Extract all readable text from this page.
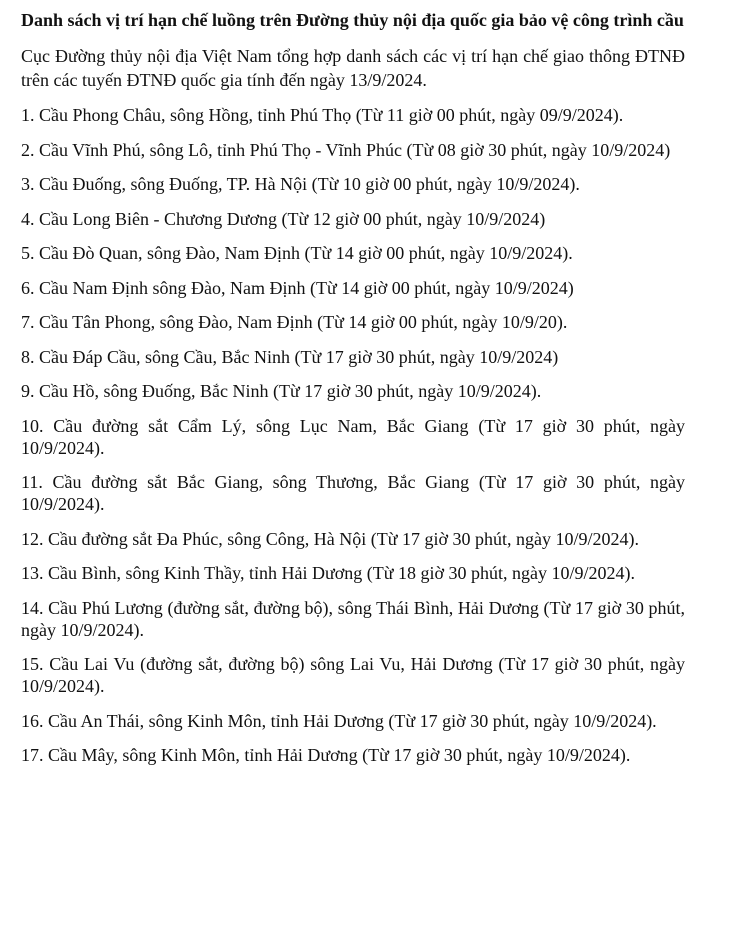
Danh sách vị trí hạn chế luồng trên Đường thủy nội địa quốc gia bảo vệ công trình cầu
Cục Đường thủy nội địa Việt Nam tổng hợp danh sách các vị trí hạn chế giao thông ĐTNĐ trên các tuyến ĐTNĐ quốc gia tính đến ngày 13/9/2024.
1. Cầu Phong Châu, sông Hồng, tỉnh Phú Thọ (Từ 11 giờ 00 phút, ngày 09/9/2024).
2. Cầu Vĩnh Phú, sông Lô, tỉnh Phú Thọ - Vĩnh Phúc (Từ 08 giờ 30 phút, ngày 10/9/2024)
3. Cầu Đuống, sông Đuống, TP. Hà Nội (Từ 10 giờ 00 phút, ngày 10/9/2024).
4. Cầu Long Biên - Chương Dương (Từ 12 giờ 00 phút, ngày 10/9/2024)
5. Cầu Đò Quan, sông Đào, Nam Định (Từ 14 giờ 00 phút, ngày 10/9/2024).
6. Cầu Nam Định sông Đào, Nam Định (Từ 14 giờ 00 phút, ngày 10/9/2024)
7. Cầu Tân Phong, sông Đào, Nam Định (Từ 14 giờ 00 phút, ngày 10/9/20).
8. Cầu Đáp Cầu, sông Cầu, Bắc Ninh (Từ 17 giờ 30 phút, ngày 10/9/2024)
9. Cầu Hồ, sông Đuống, Bắc Ninh (Từ 17 giờ 30 phút, ngày 10/9/2024).
10. Cầu đường sắt Cẩm Lý, sông Lục Nam, Bắc Giang (Từ 17 giờ 30 phút, ngày 10/9/2024).
11. Cầu đường sắt Bắc Giang, sông Thương, Bắc Giang (Từ 17 giờ 30 phút, ngày 10/9/2024).
12. Cầu đường sắt Đa Phúc, sông Công, Hà Nội (Từ 17 giờ 30 phút, ngày 10/9/2024).
13. Cầu Bình, sông Kinh Thầy, tỉnh Hải Dương (Từ 18 giờ 30 phút, ngày 10/9/2024).
14. Cầu Phú Lương (đường sắt, đường bộ), sông Thái Bình, Hải Dương (Từ 17 giờ 30 phút, ngày 10/9/2024).
15. Cầu Lai Vu (đường sắt, đường bộ) sông Lai Vu, Hải Dương (Từ 17 giờ 30 phút, ngày 10/9/2024).
16. Cầu An Thái, sông Kinh Môn, tỉnh Hải Dương (Từ 17 giờ 30 phút, ngày 10/9/2024).
17. Cầu Mây, sông Kinh Môn, tỉnh Hải Dương (Từ 17 giờ 30 phút, ngày 10/9/2024).
